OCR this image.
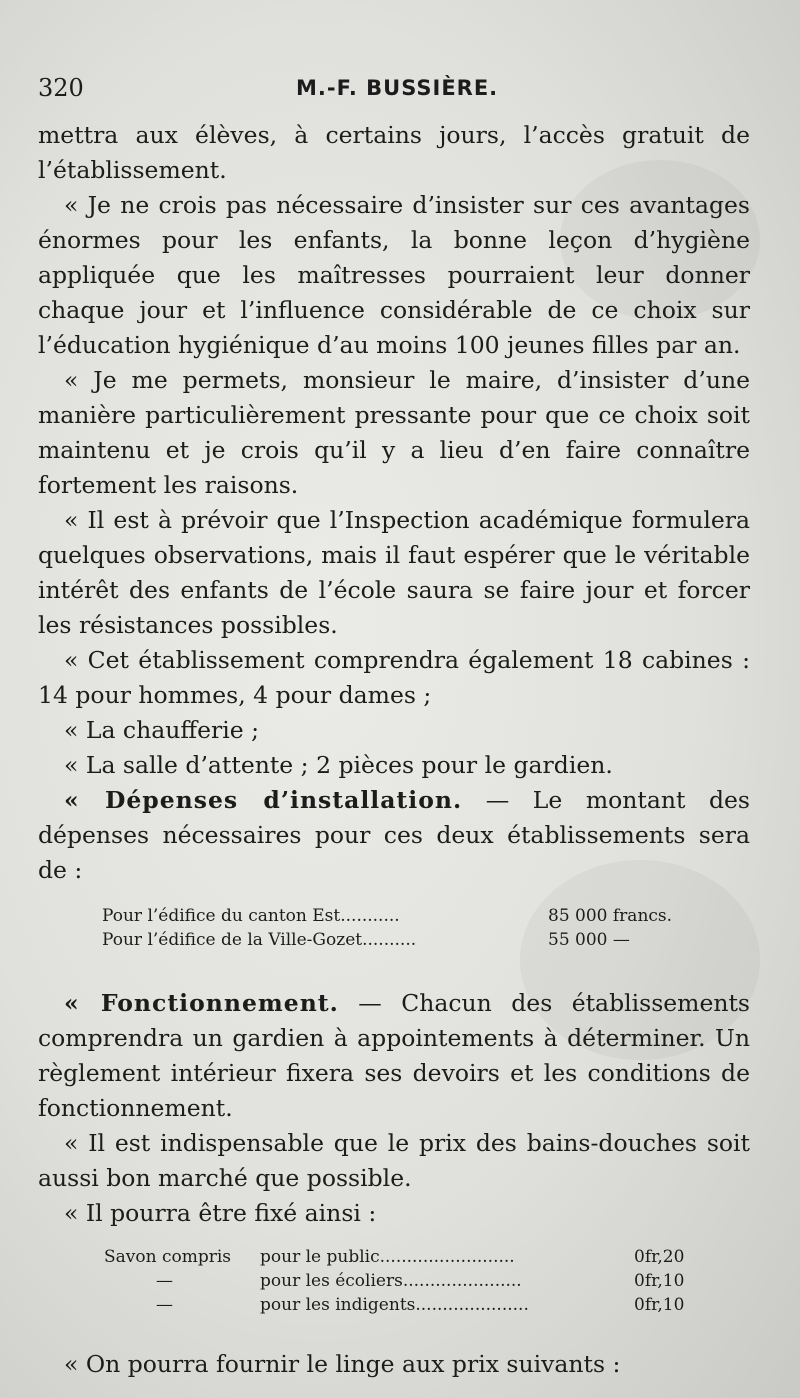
320	M.-F. BUSSIÈRE.

mettra aux élèves, à certains jours, l’accès gratuit de l’établissement.

« Je ne crois pas nécessaire d’insister sur ces avantages énormes pour les enfants, la bonne leçon d’hygiène appliquée que les maîtresses pourraient leur donner chaque jour et l’influence considérable de ce choix sur l’éducation hygiénique d’au moins 100 jeunes filles par an.

« Je me permets, monsieur le maire, d’insister d’une manière particulièrement pressante pour que ce choix soit maintenu et je crois qu’il y a lieu d’en faire connaître fortement les raisons.

« Il est à prévoir que l’Inspection académique formulera quelques observations, mais il faut espérer que le véritable intérêt des enfants de l’école saura se faire jour et forcer les résistances possibles.

« Cet établissement comprendra également 18 cabines : 14 pour hommes, 4 pour dames ;

« La chaufferie ;

« La salle d’attente ; 2 pièces pour le gardien.

« Dépenses d’installation. — Le montant des dépenses nécessaires pour ces deux établissements sera de :

Pour l’édifice du canton Est...........	85 000 francs.
Pour l’édifice de la Ville-Gozet..........	55 000 —

« Fonctionnement. — Chacun des établissements comprendra un gardien à appointements à déterminer. Un règlement intérieur fixera ses devoirs et les conditions de fonctionnement.

« Il est indispensable que le prix des bains-douches soit aussi bon marché que possible.

« Il pourra être fixé ainsi :

Savon compris pour le public.........................	0fr,20
—	pour les écoliers......................	0fr,10
—	pour les indigents.....................	0fr,10

« On pourra fournir le linge aux prix suivants :
